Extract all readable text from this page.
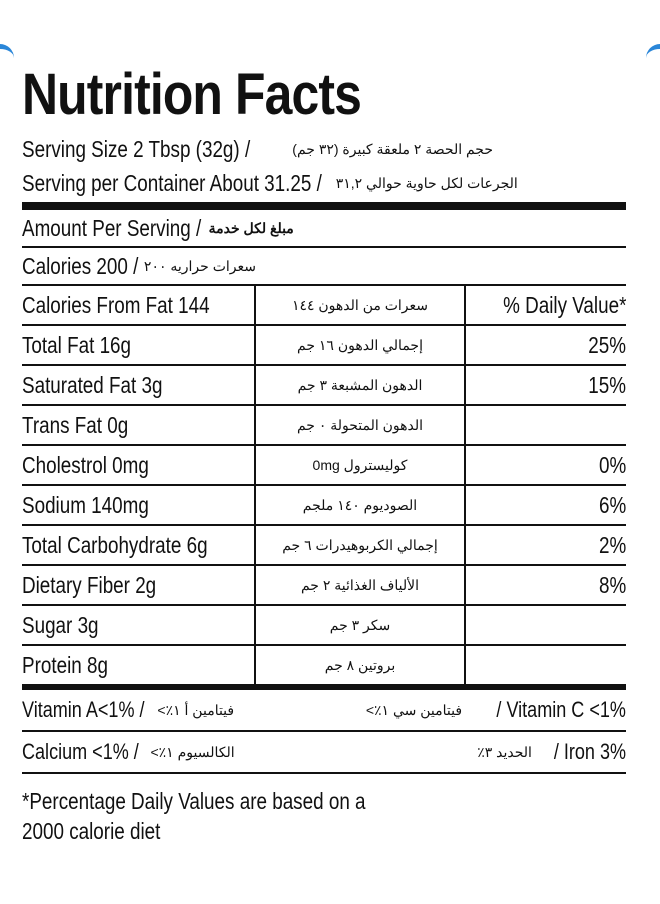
Nutrition Facts
Serving Size 2 Tbsp (32g) /	حجم الحصة ٢ ملعقة كبيرة (٣٢ جم)
Serving per Container About 31.25 / الجرعات لكل حاوية حوالي ٣١,٢
Amount Per Serving / مبلغ لكل خدمة
Calories 200 / سعرات حراريه ٢٠٠
Calories From Fat 144	سعرات من الدهون ١٤٤	% Daily Value*
Total Fat 16g	إجمالي الدهون ١٦ جم	25%
Saturated Fat 3g	الدهون المشبعة ٣ جم	15%
Trans Fat 0g	الدهون المتحولة ٠ جم	
Cholestrol 0mg	كوليسترول 0mg	0%
Sodium 140mg	الصوديوم ١٤٠ ملجم	6%
Total Carbohydrate 6g	إجمالي الكربوهيدرات ٦ جم	2%
Dietary Fiber 2g	الألياف الغذائية ٢ جم	8%
Sugar 3g	سكر ٣ جم	
Protein 8g	بروتين ٨ جم	
Vitamin A<1% / فيتامين أ ١٪>	فيتامين سي ١٪> / Vitamin C <1%
Calcium <1% / الكالسيوم ١٪>	الحديد ٣٪ / Iron 3%
*Percentage Daily Values are based on a
2000 calorie diet
